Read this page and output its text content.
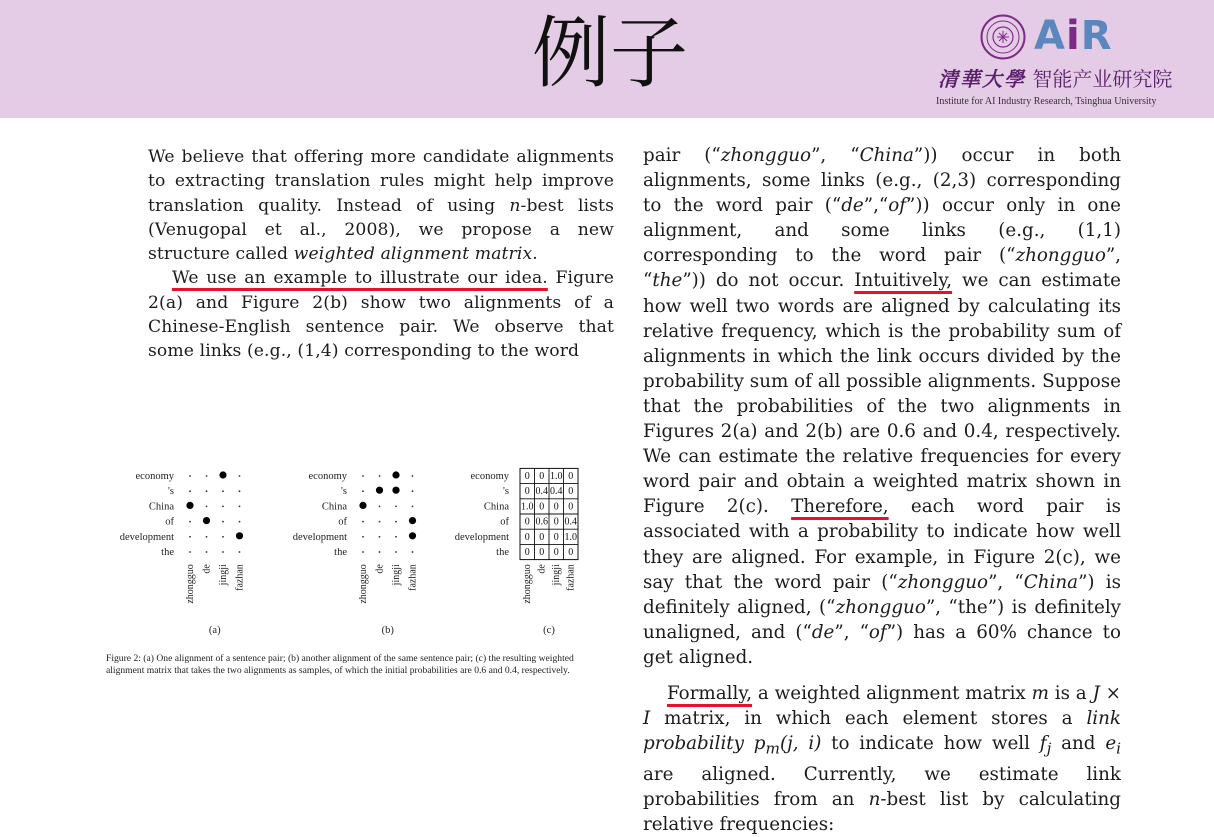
例子	AiR
清華大學 智能产业研究院
Institute for AI Industry Research, Tsinghua University

We believe that offering more candidate alignments to extracting translation rules might help improve translation quality. Instead of using n-best lists (Venugopal et al., 2008), we propose a new structure called weighted alignment matrix.

We use an example to illustrate our idea. Figure 2(a) and Figure 2(b) show two alignments of a Chinese-English sentence pair. We observe that some links (e.g., (1,4) corresponding to the word

economy
's
China
of
development
the
zhongguo de jingji fazhan
(a)
economy
's
China
of
development
the
zhongguo de jingji fazhan
(b)
economy
's
China
of
development
the
0 0 1.0 0
0 0.4 0.4 0
1.0 0 0 0
0 0.6 0 0.4
0 0 0 1.0
0 0 0 0
zhongguo de jingji fazhan
(c)
Figure 2: (a) One alignment of a sentence pair; (b) another alignment of the same sentence pair; (c) the resulting weighted alignment matrix that takes the two alignments as samples, of which the initial probabilities are 0.6 and 0.4, respectively.

pair (“zhongguo”, “China”)) occur in both alignments, some links (e.g., (2,3) corresponding to the word pair (“de”,“of”)) occur only in one alignment, and some links (e.g., (1,1) corresponding to the word pair (“zhongguo”, “the”)) do not occur. Intuitively, we can estimate how well two words are aligned by calculating its relative frequency, which is the probability sum of alignments in which the link occurs divided by the probability sum of all possible alignments. Suppose that the probabilities of the two alignments in Figures 2(a) and 2(b) are 0.6 and 0.4, respectively. We can estimate the relative frequencies for every word pair and obtain a weighted matrix shown in Figure 2(c). Therefore, each word pair is associated with a probability to indicate how well they are aligned. For example, in Figure 2(c), we say that the word pair (“zhongguo”, “China”) is definitely aligned, (“zhongguo”, “the”) is definitely unaligned, and (“de”, “of”) has a 60% chance to get aligned.

Formally, a weighted alignment matrix m is a J × I matrix, in which each element stores a link probability $p_m(j$, i) to indicate how well $f_j$ and $e_i$ are aligned. Currently, we estimate link probabilities from an n-best list by calculating relative frequencies:
